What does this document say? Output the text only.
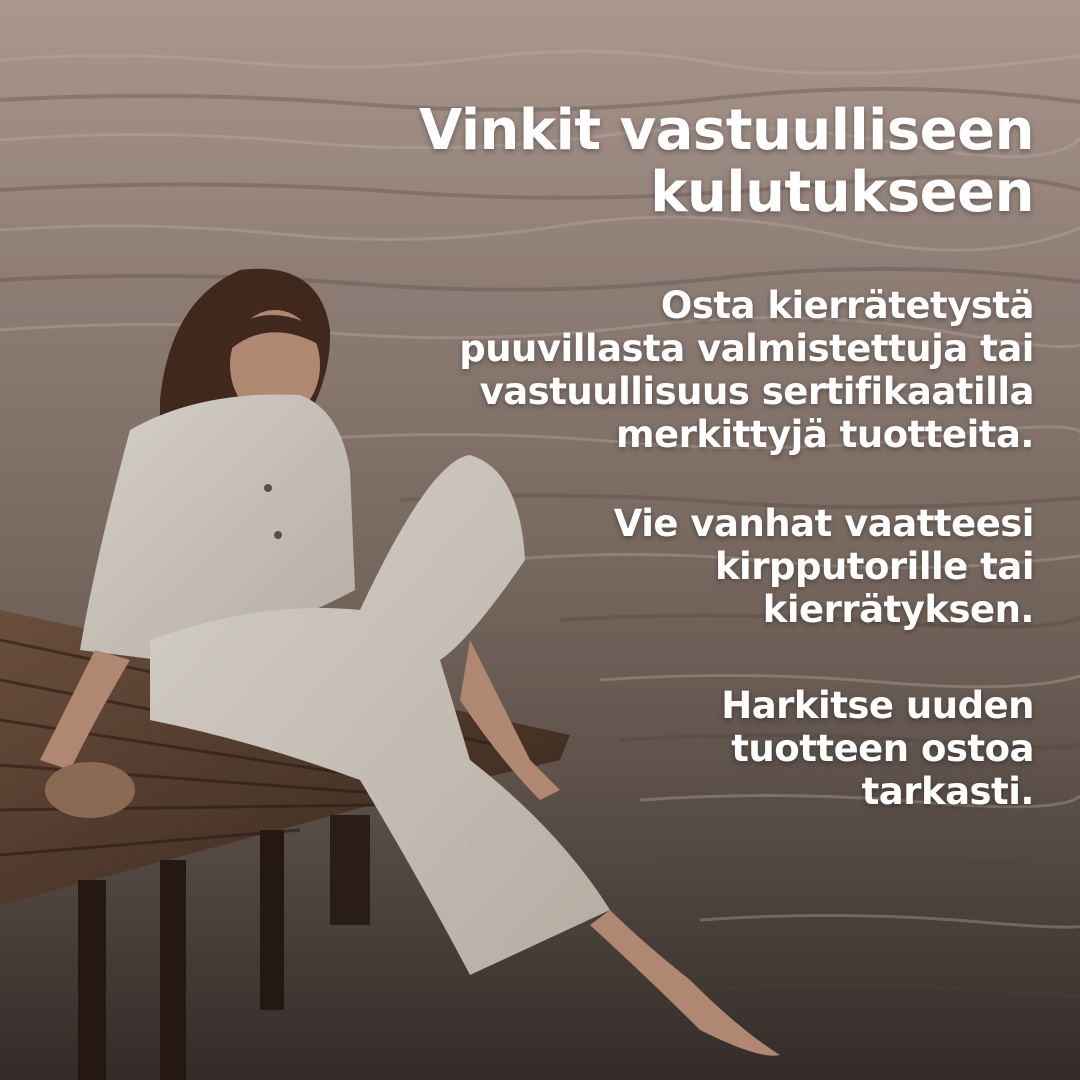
Vinkit vastuulliseen
kulutukseen
Osta kierrätetystä
puuvillasta valmistettuja tai
vastuullisuus sertifikaatilla
merkittyjä tuotteita.
Vie vanhat vaatteesi
kirpputorille tai
kierrätyksen.
Harkitse uuden
tuotteen ostoa
tarkasti.
